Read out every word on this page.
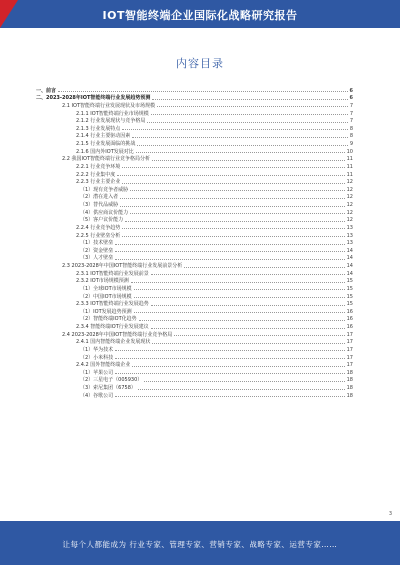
IOT智能终端企业国际化战略研究报告
内容目录
一、前言	6
二、2023-2028年IOT智能终端行业发展趋势预测	6
2.1 IOT智能终端行业发展现状及市场规模	7
2.1.1 IOT智能终端行业市场规模	7
2.1.2 行业发展现状与竞争格局	7
2.1.3 行业发展特点	8
2.1.4 行业主要驱动因素	8
2.1.5 行业发展面临的挑战	9
2.1.6 国内外IOT发展对比	10
2.2 我国IOT智能终端行业竞争格局分析	11
2.2.1 行业竞争环境	11
2.2.2 行业集中度	11
2.2.3 行业主要企业	12
（1）现有竞争者威胁	12
（2）潜在进入者	12
（3）替代品威胁	12
（4）供应商议价能力	12
（5）客户议价能力	12
2.2.4 行业竞争趋势	13
2.2.5 行业壁垒分析	13
（1）技术壁垒	13
（2）资金壁垒	14
（3）人才壁垒	14
2.3 2023-2028年中国IOT智能终端行业发展前景分析	14
2.3.1 IOT智能终端行业发展前景	14
2.3.2 IOT市场规模预测	15
（1）全球IOT市场规模	15
（2）中国IOT市场规模	15
2.3.3 IOT智能终端行业发展趋势	15
（1）IOT发展趋势预测	16
（2）智能终端IOT化趋势	16
2.3.4 智能终端IOT行业发展建议	16
2.4 2023-2028年中国IOT智能终端行业竞争格局	17
2.4.1 国内智能终端企业发展现状	17
（1）华为技术	17
（2）小米科技	17
2.4.2 国外智能终端企业	17
（1）苹果公司	18
（2）三星电子（005930）	18
（3）索尼集团（6758）	18
（4）谷歌公司	18
3
让每个人都能成为 行业专家、管理专家、营销专家、战略专家、运营专家……
